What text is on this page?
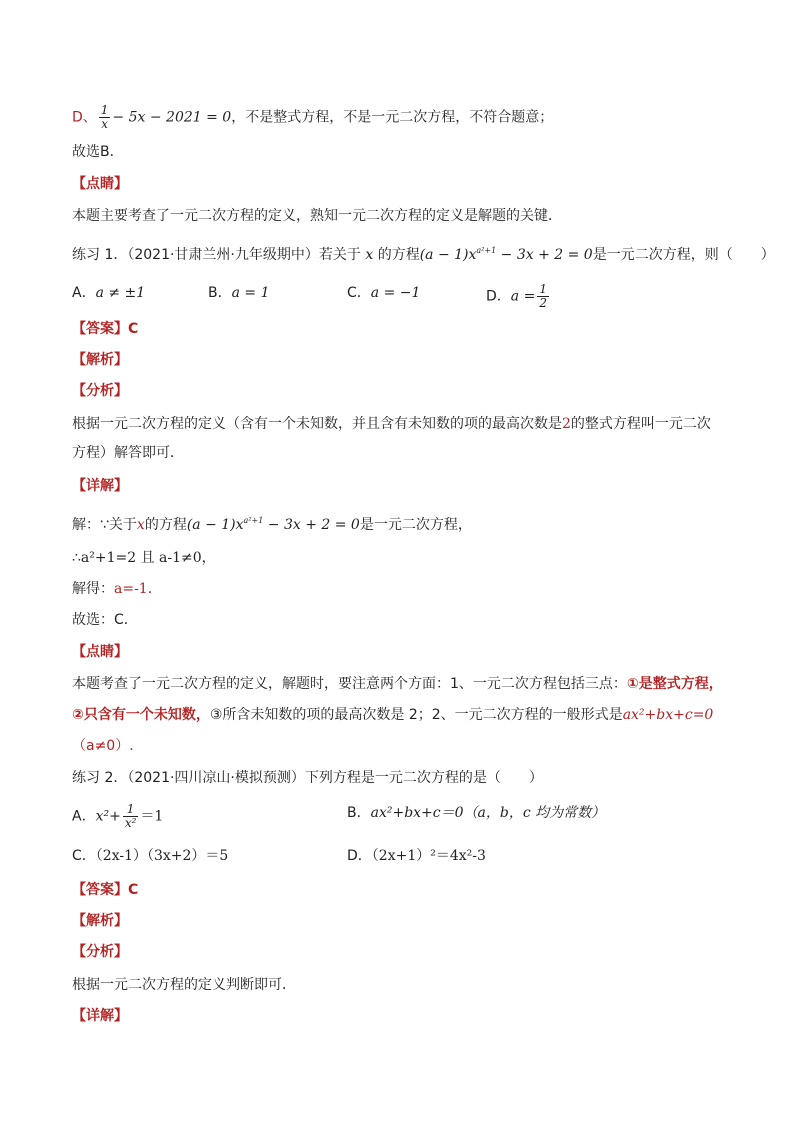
D、 $\frac{1}{x} - 5x - 2021 = 0$，不是整式方程，不是一元二次方程，不符合题意；
故选B．
【点睛】
本题主要考查了一元二次方程的定义，熟知一元二次方程的定义是解题的关键．
练习 1．（2021·甘肃兰州·九年级期中）若关于 x 的方程$(a - 1)x^{a^2+1} - 3x + 2 = 0$是一元二次方程，则（　　）
A．a ≠ ±1	B．a = 1	C．a = −1	D．$a = \frac{1}{2}$
【答案】C
【解析】
【分析】
根据一元二次方程的定义（含有一个未知数，并且含有未知数的项的最高次数是2的整式方程叫一元二次
方程）解答即可．
【详解】
解：∵关于x的方程$(a - 1)x^{a^2+1} - 3x + 2 = 0$是一元二次方程，
∴a²+1=2 且 a-1≠0，
解得：a=-1．
故选：C．
【点睛】
本题考查了一元二次方程的定义，解题时，要注意两个方面：1、一元二次方程包括三点：①是整式方程，
②只含有一个未知数，③所含未知数的项的最高次数是 2；2、一元二次方程的一般形式是ax²+bx+c=0
（a≠0）.
练习 2．（2021·四川凉山·模拟预测）下列方程是一元二次方程的是（　　）
A．$x^2+ \frac{1}{\text{x²}} =1$	B．ax²+bx+c＝0（a，b，c 均为常数）
C．（2x-1）（3x+2）＝5	D．（2x+1）²＝4x²-3
【答案】C
【解析】
【分析】
根据一元二次方程的定义判断即可．
【详解】
